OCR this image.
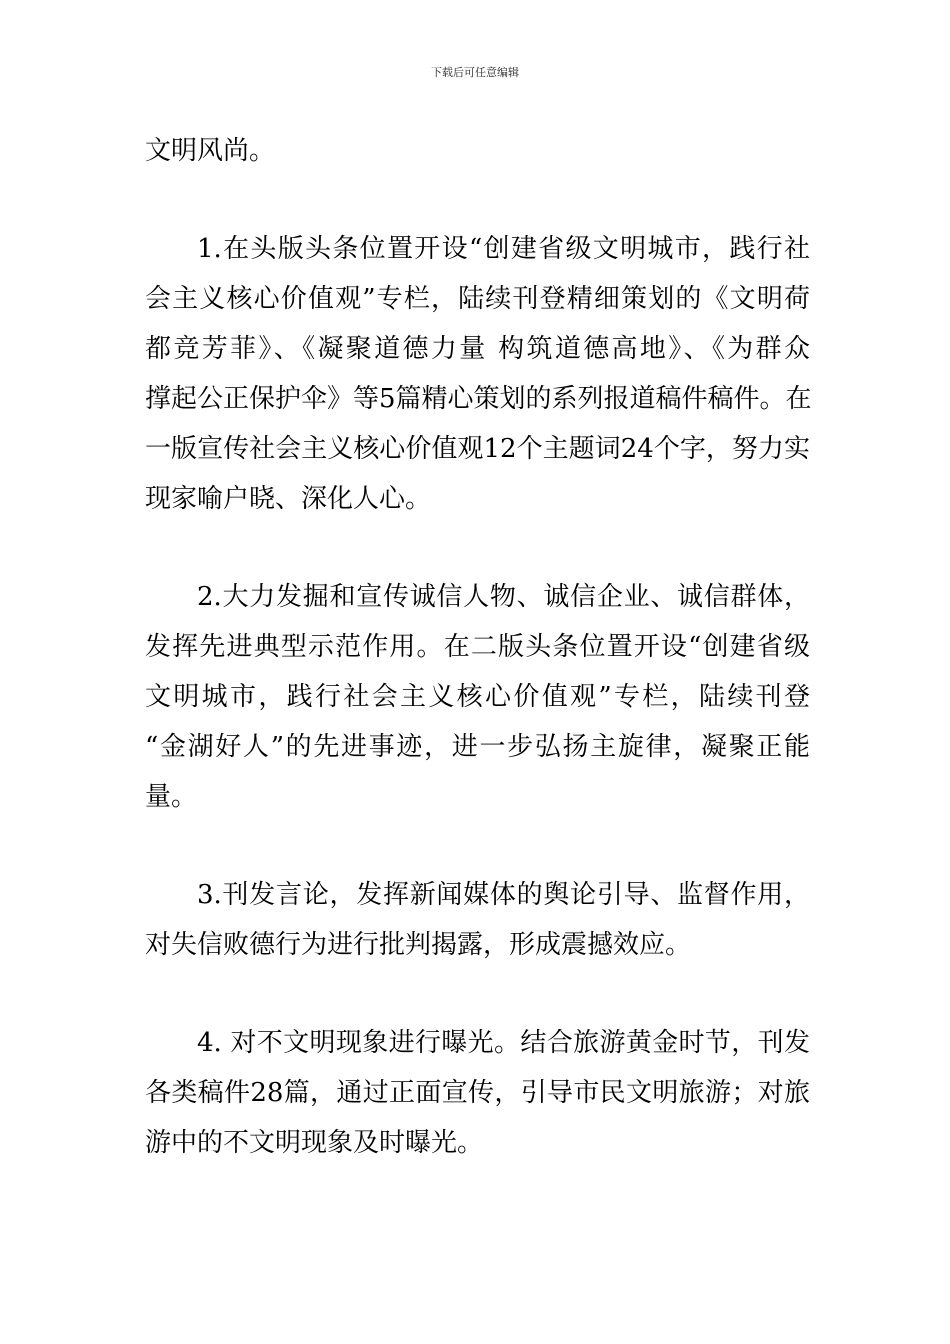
下载后可任意编辑
文明风尚。
1.在头版头条位置开设“创建省级文明城市，践行社
会主义核心价值观”专栏，陆续刊登精细策划的《文明荷
都竞芳菲》、《凝聚道德力量 构筑道德高地》、《为群众
撑起公正保护伞》等5篇精心策划的系列报道稿件稿件。在
一版宣传社会主义核心价值观12个主题词24个字，努力实
现家喻户晓、深化人心。
2.大力发掘和宣传诚信人物、诚信企业、诚信群体，
发挥先进典型示范作用。在二版头条位置开设“创建省级
文明城市，践行社会主义核心价值观”专栏，陆续刊登
“金湖好人”的先进事迹，进一步弘扬主旋律，凝聚正能
量。
3.刊发言论，发挥新闻媒体的舆论引导、监督作用，
对失信败德行为进行批判揭露，形成震撼效应。
4. 对不文明现象进行曝光。结合旅游黄金时节，刊发
各类稿件28篇，通过正面宣传，引导市民文明旅游；对旅
游中的不文明现象及时曝光。
